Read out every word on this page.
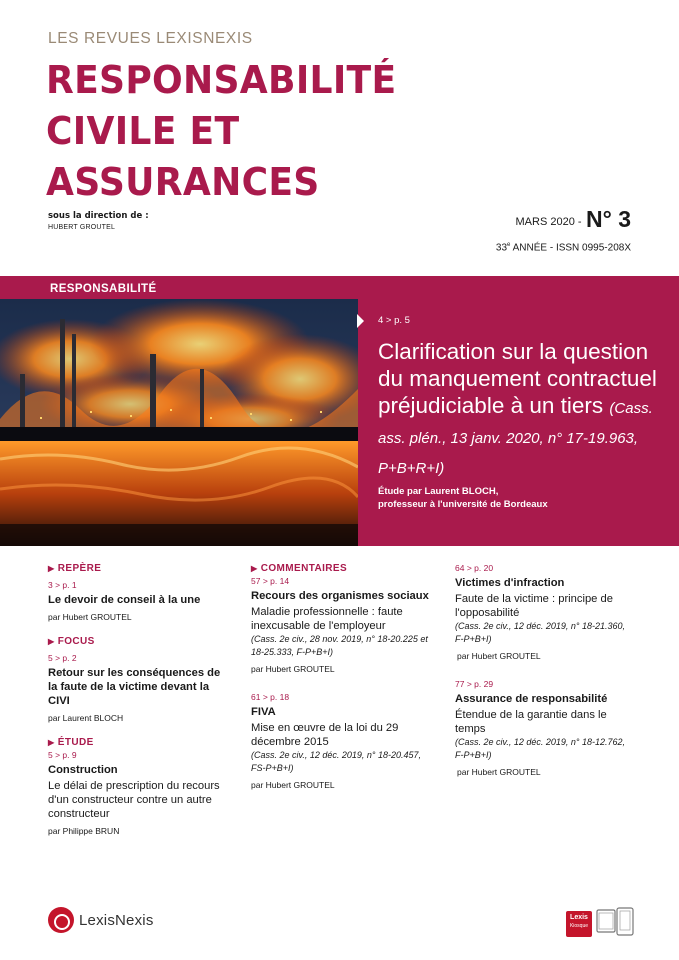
LES REVUES LEXISNEXIS
RESPONSABILITÉ
CIVILE ET
ASSURANCES
sous la direction de :
HUBERT GROUTEL	MARS 2020 - N° 3
33e ANNÉE - ISSN 0995-208X
RESPONSABILITÉ
4 > p. 5
Clarification sur la question du manquement contractuel préjudiciable à un tiers (Cass. ass. plén., 13 janv. 2020, n° 17-19.963, P+B+R+I)
Étude par Laurent BLOCH,
professeur à l'université de Bordeaux
▶ REPÈRE
3 > p. 1
Le devoir de conseil à la une
par Hubert GROUTEL
▶ FOCUS
5 > p. 2
Retour sur les conséquences de la faute de la victime devant la CIVI
par Laurent BLOCH
▶ ÉTUDE
5 > p. 9
Construction
Le délai de prescription du recours d'un constructeur contre un autre constructeur
par Philippe BRUN
▶ COMMENTAIRES
57 > p. 14
Recours des organismes sociaux
Maladie professionnelle : faute inexcusable de l'employeur
(Cass. 2e civ., 28 nov. 2019, n° 18-20.225 et 18-25.333, F-P+B+I)
par Hubert GROUTEL
61 > p. 18
FIVA
Mise en œuvre de la loi du 29 décembre 2015
(Cass. 2e civ., 12 déc. 2019, n° 18-20.457, FS-P+B+I)
par Hubert GROUTEL
64 > p. 20
Victimes d'infraction
Faute de la victime : principe de l'opposabilité
(Cass. 2e civ., 12 déc. 2019, n° 18-21.360, F-P+B+I)
par Hubert GROUTEL
77 > p. 29
Assurance de responsabilité
Étendue de la garantie dans le temps
(Cass. 2e civ., 12 déc. 2019, n° 18-12.762, F-P+B+I)
par Hubert GROUTEL
LexisNexis	Lexis
Kiosque
